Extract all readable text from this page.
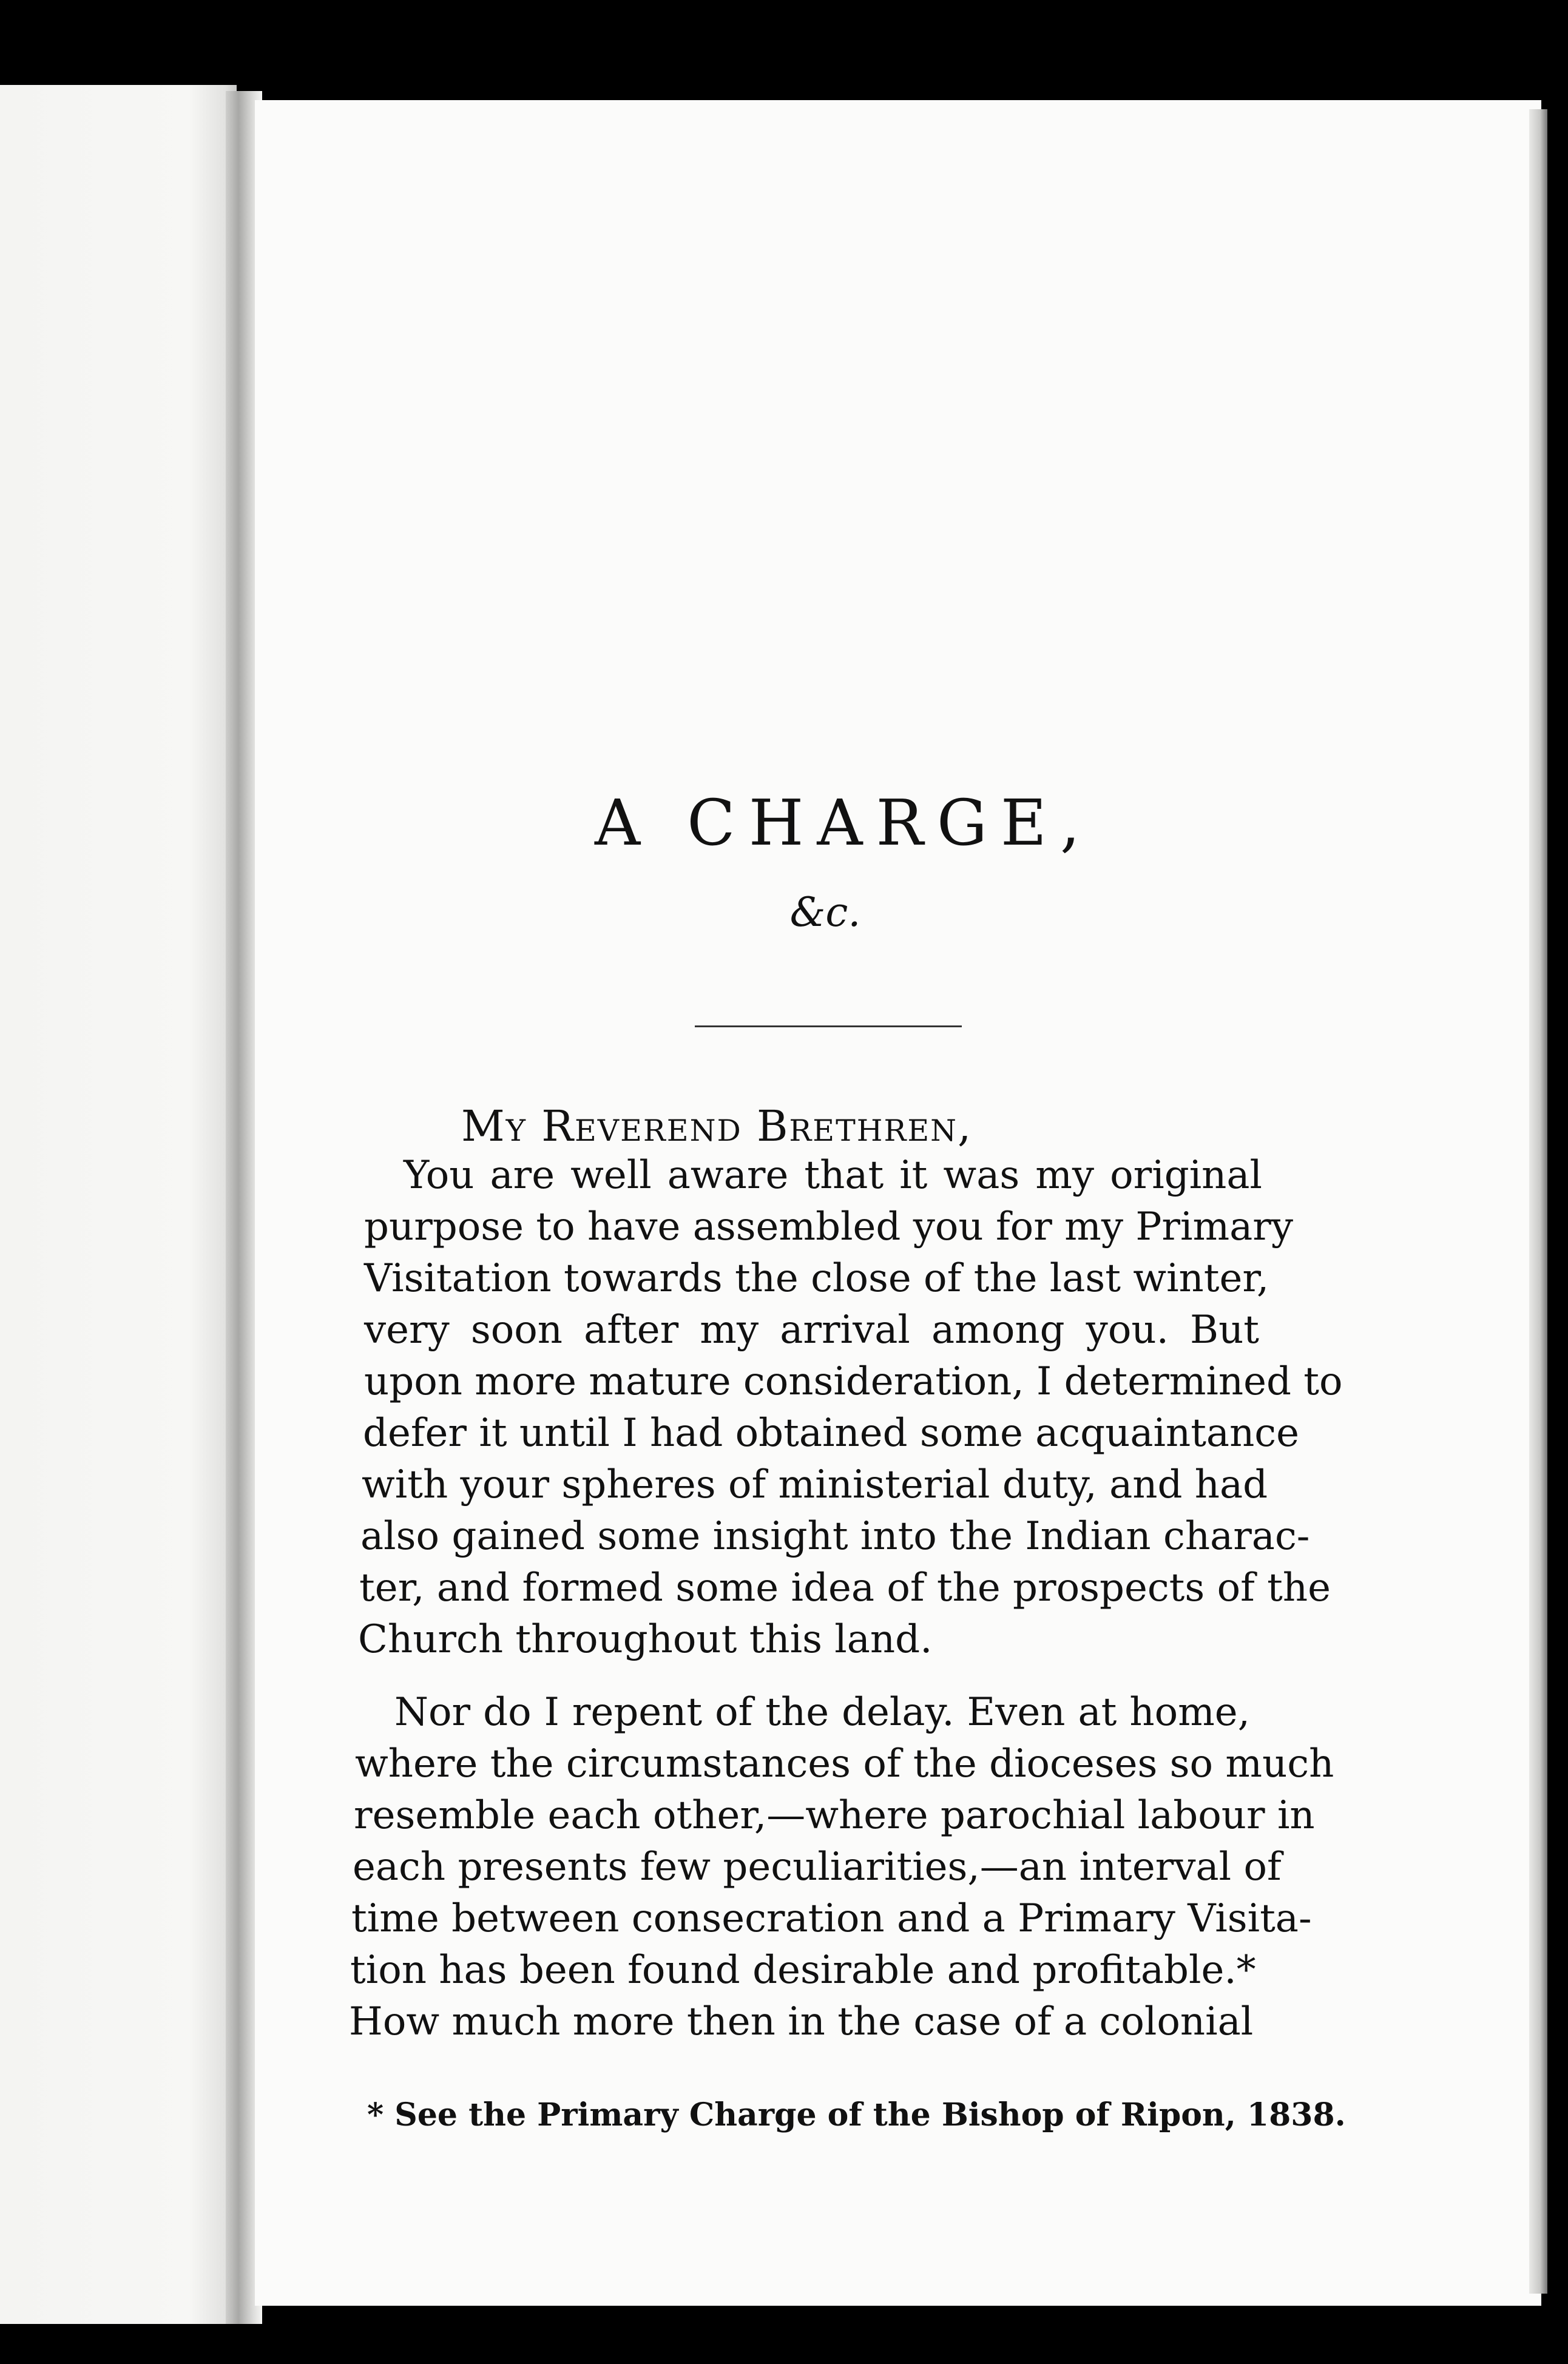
A CHARGE,
&c.
My Reverend Brethren,
You are well aware that it was my original
purpose to have assembled you for my Primary
Visitation towards the close of the last winter,
very soon after my arrival among you. But
upon more mature consideration, I determined to
defer it until I had obtained some acquaintance
with your spheres of ministerial duty, and had
also gained some insight into the Indian charac-
ter, and formed some idea of the prospects of the
Church throughout this land.
Nor do I repent of the delay. Even at home,
where the circumstances of the dioceses so much
resemble each other,—where parochial labour in
each presents few peculiarities,—an interval of
time between consecration and a Primary Visita-
tion has been found desirable and profitable.*
How much more then in the case of a colonial
* See the Primary Charge of the Bishop of Ripon, 1838.
